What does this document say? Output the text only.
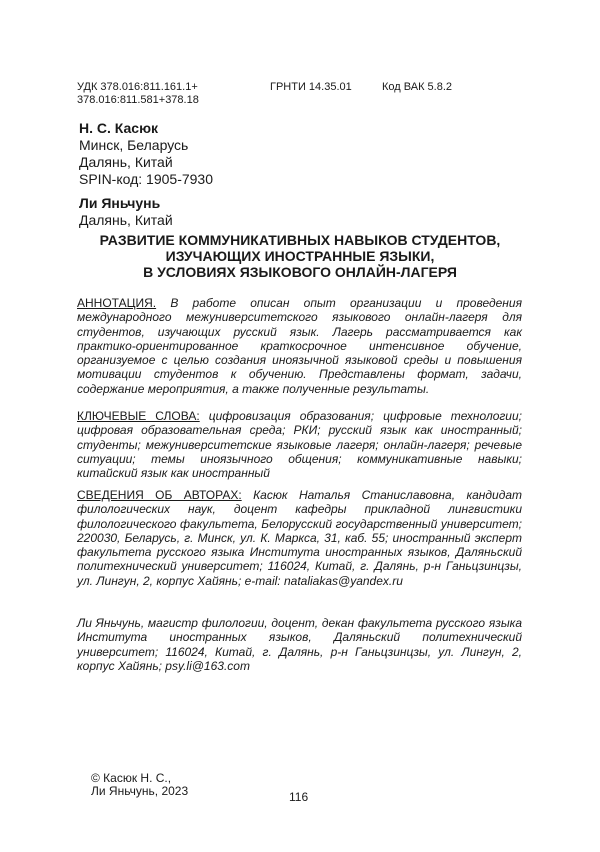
УДК 378.016:811.161.1+
378.016:811.581+378.18
ГРНТИ 14.35.01	Код ВАК 5.8.2
Н. С. Касюк
Минск, Беларусь
Далянь, Китай
SPIN-код: 1905-7930
Ли Яньчунь
Далянь, Китай
РАЗВИТИЕ КОММУНИКАТИВНЫХ НАВЫКОВ СТУДЕНТОВ,
ИЗУЧАЮЩИХ ИНОСТРАННЫЕ ЯЗЫКИ,
В УСЛОВИЯХ ЯЗЫКОВОГО ОНЛАЙН-ЛАГЕРЯ
АННОТАЦИЯ. В работе описан опыт организации и проведения международного межуниверситетского языкового онлайн-лагеря для студентов, изучающих русский язык. Лагерь рассматривается как практико-ориентированное краткосрочное интенсивное обучение, организуемое с целью создания иноязычной языковой среды и повышения мотивации студентов к обучению. Представлены формат, задачи, содержание мероприятия, а также полученные результаты.
КЛЮЧЕВЫЕ СЛОВА: цифровизация образования; цифровые технологии; цифровая образовательная среда; РКИ; русский язык как иностранный; студенты; межуниверситетские языковые лагеря; онлайн-лагеря; речевые ситуации; темы иноязычного общения; коммуникативные навыки; китайский язык как иностранный
СВЕДЕНИЯ ОБ АВТОРАХ: Касюк Наталья Станиславовна, кандидат филологических наук, доцент кафедры прикладной лингвистики филологического факультета, Белорусский государственный университет; 220030, Беларусь, г. Минск, ул. К. Маркса, 31, каб. 55; иностранный эксперт факультета русского языка Института иностранных языков, Даляньский политехнический университет; 116024, Китай, г. Далянь, р-н Ганьцзинцзы, ул. Лингун, 2, корпус Хайянь; e-mail: nataliakas@yandex.ru
Ли Яньчунь, магистр филологии, доцент, декан факультета русского языка Института иностранных языков, Даляньский политехнический университет; 116024, Китай, г. Далянь, р-н Ганьцзинцзы, ул. Лингун, 2, корпус Хайянь; psy.li@163.com
© Касюк Н. С.,
Ли Яньчунь, 2023	116
